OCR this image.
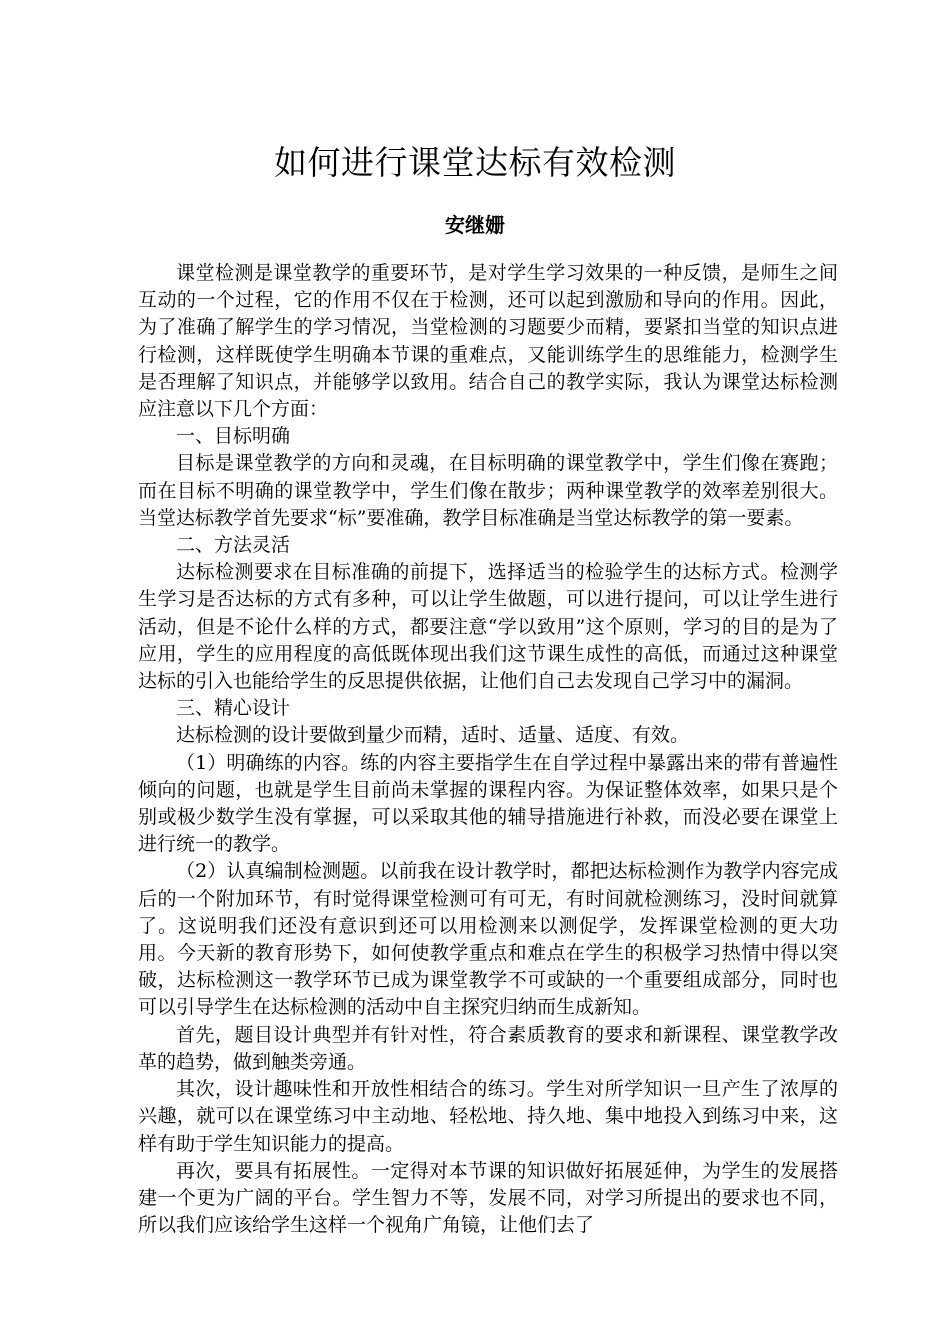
如何进行课堂达标有效检测
安继姗

课堂检测是课堂教学的重要环节，是对学生学习效果的一种反馈，是师生之间互动的一个过程，它的作用不仅在于检测，还可以起到激励和导向的作用。因此，为了准确了解学生的学习情况，当堂检测的习题要少而精，要紧扣当堂的知识点进行检测，这样既使学生明确本节课的重难点，又能训练学生的思维能力，检测学生是否理解了知识点，并能够学以致用。结合自己的教学实际，我认为课堂达标检测应注意以下几个方面：

一、目标明确

目标是课堂教学的方向和灵魂，在目标明确的课堂教学中，学生们像在赛跑；而在目标不明确的课堂教学中，学生们像在散步；两种课堂教学的效率差别很大。当堂达标教学首先要求“标”要准确，教学目标准确是当堂达标教学的第一要素。

二、方法灵活

达标检测要求在目标准确的前提下，选择适当的检验学生的达标方式。检测学生学习是否达标的方式有多种，可以让学生做题，可以进行提问，可以让学生进行活动，但是不论什么样的方式，都要注意“学以致用”这个原则，学习的目的是为了应用，学生的应用程度的高低既体现出我们这节课生成性的高低，而通过这种课堂达标的引入也能给学生的反思提供依据，让他们自己去发现自己学习中的漏洞。

三、精心设计

达标检测的设计要做到量少而精，适时、适量、适度、有效。

（1）明确练的内容。练的内容主要指学生在自学过程中暴露出来的带有普遍性倾向的问题，也就是学生目前尚未掌握的课程内容。为保证整体效率，如果只是个别或极少数学生没有掌握，可以采取其他的辅导措施进行补救，而没必要在课堂上进行统一的教学。

（2）认真编制检测题。以前我在设计教学时，都把达标检测作为教学内容完成后的一个附加环节，有时觉得课堂检测可有可无，有时间就检测练习，没时间就算了。这说明我们还没有意识到还可以用检测来以测促学，发挥课堂检测的更大功用。今天新的教育形势下，如何使教学重点和难点在学生的积极学习热情中得以突破，达标检测这一教学环节已成为课堂教学不可或缺的一个重要组成部分，同时也可以引导学生在达标检测的活动中自主探究归纳而生成新知。

首先，题目设计典型并有针对性，符合素质教育的要求和新课程、课堂教学改革的趋势，做到触类旁通。

其次，设计趣味性和开放性相结合的练习。学生对所学知识一旦产生了浓厚的兴趣，就可以在课堂练习中主动地、轻松地、持久地、集中地投入到练习中来，这样有助于学生知识能力的提高。

再次，要具有拓展性。一定得对本节课的知识做好拓展延伸，为学生的发展搭建一个更为广阔的平台。学生智力不等，发展不同，对学习所提出的要求也不同，所以我们应该给学生这样一个视角广角镜，让他们去了
